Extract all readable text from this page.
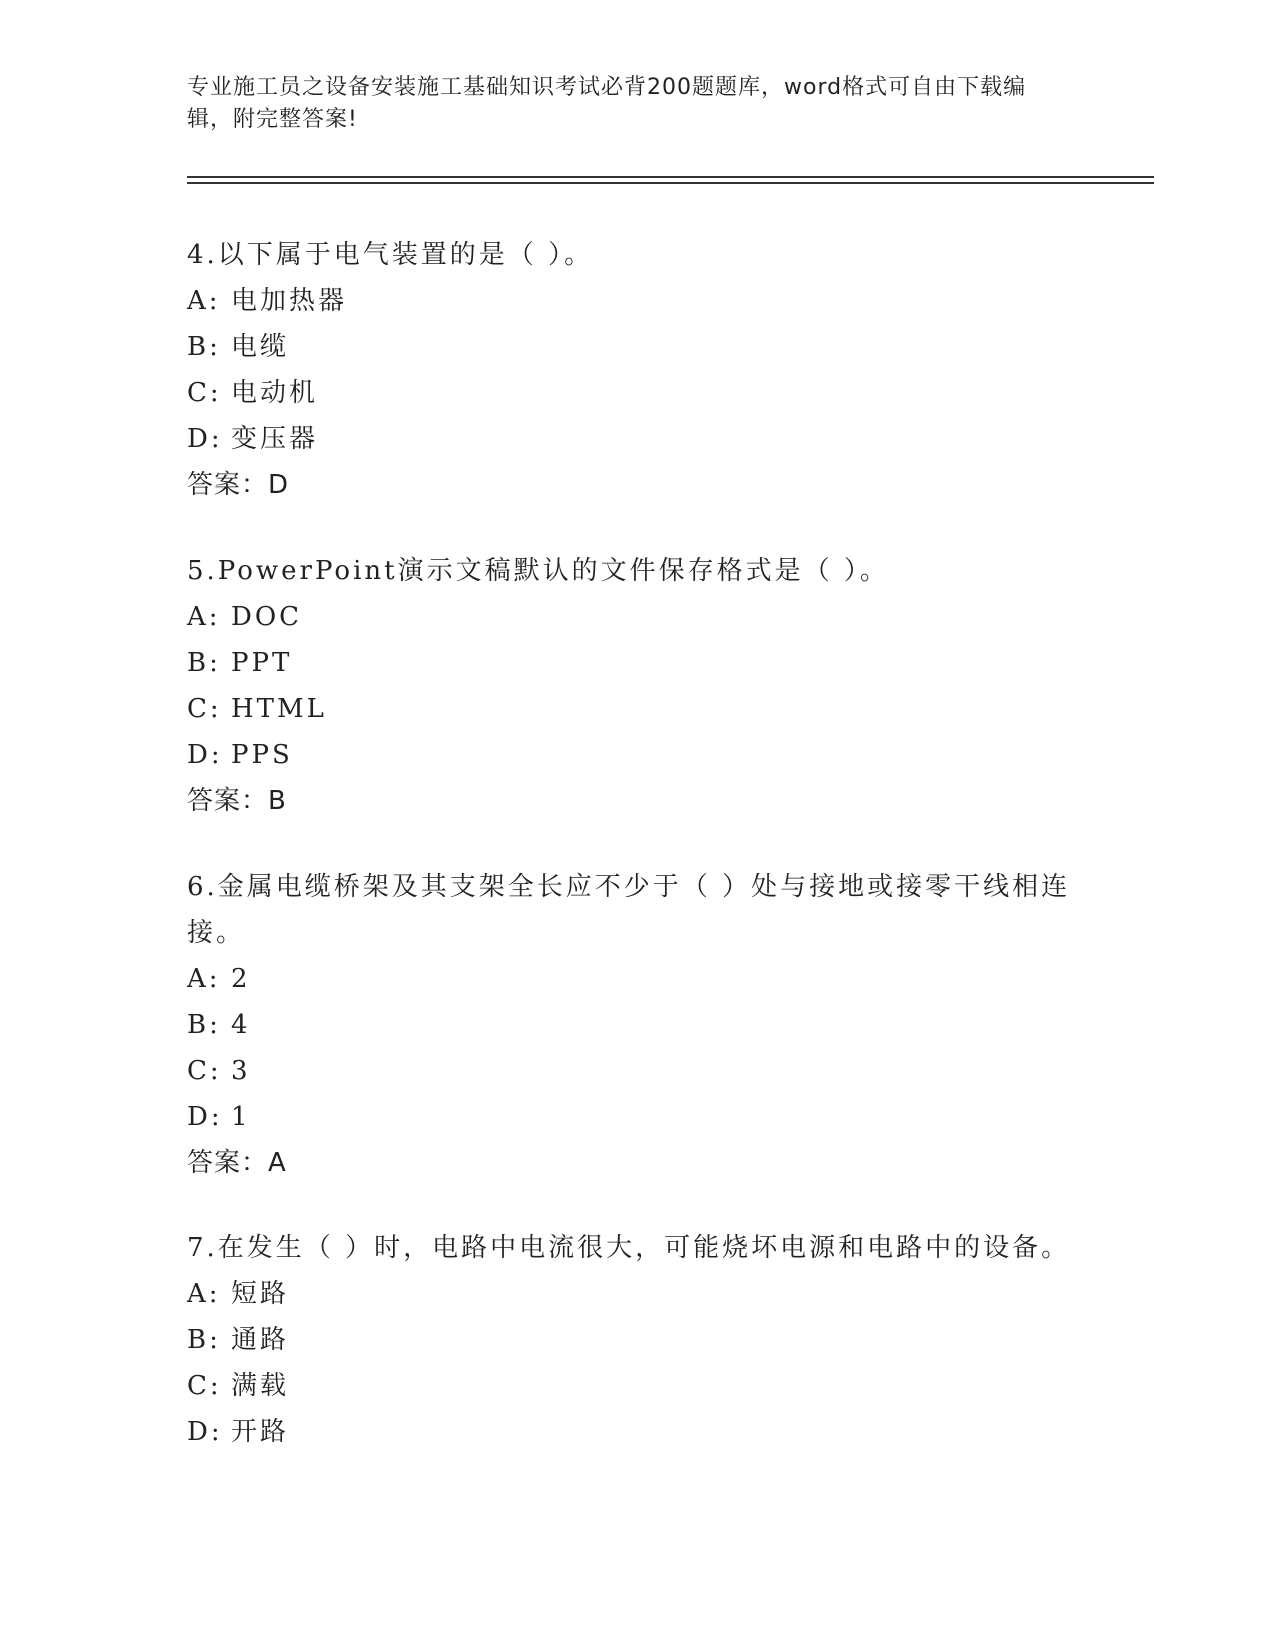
专业施工员之设备安装施工基础知识考试必背200题题库，word格式可自由下载编辑，附完整答案!
4.以下属于电气装置的是（ ）。
A: 电加热器
B: 电缆
C: 电动机
D: 变压器
答案：D
5.PowerPoint演示文稿默认的文件保存格式是（ ）。
A: DOC
B: PPT
C: HTML
D: PPS
答案：B
6.金属电缆桥架及其支架全长应不少于（ ）处与接地或接零干线相连接。
A: 2
B: 4
C: 3
D: 1
答案：A
7.在发生（ ）时，电路中电流很大，可能烧坏电源和电路中的设备。
A: 短路
B: 通路
C: 满载
D: 开路
